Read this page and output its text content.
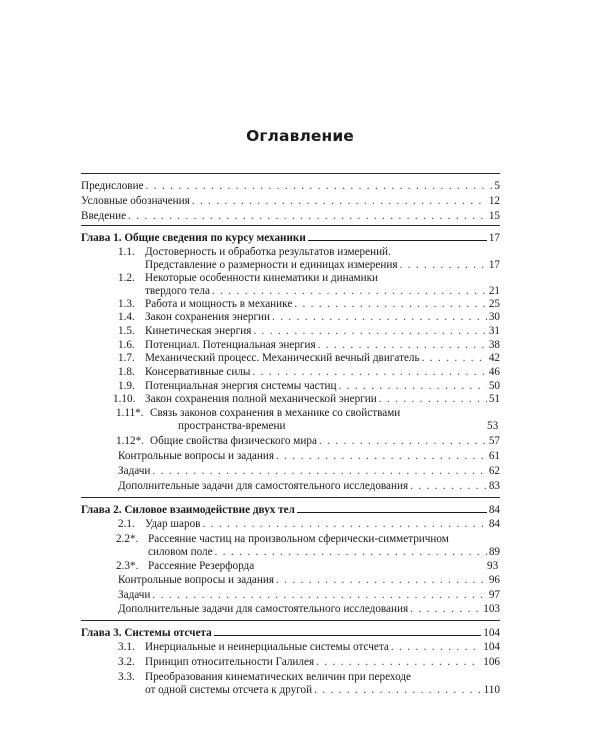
Оглавление
Предисловие . . .	5
Условные обозначения . . .	12
Введение . . .	15
Глава 1. Общие сведения по курсу механики	17
1.1. Достоверность и обработка результатов измерений.
Представление о размерности и единицах измерения . . .	17
1.2. Некоторые особенности кинематики и динамики
твердого тела . . .	21
1.3. Работа и мощность в механике . . .	25
1.4. Закон сохранения энергии . . .	30
1.5. Кинетическая энергия . . .	31
1.6. Потенциал. Потенциальная энергия . . .	38
1.7. Механический процесс. Механический вечный двигатель . . .	42
1.8. Консервативные силы . . .	46
1.9. Потенциальная энергия системы частиц . . .	50
1.10. Закон сохранения полной механической энергии . . .	51
1.11*. Связь законов сохранения в механике со свойствами
пространства-времени	53
1.12*. Общие свойства физического мира . . .	57
Контрольные вопросы и задания . . .	61
Задачи . . .	62
Дополнительные задачи для самостоятельного исследования . . .	83
Глава 2. Силовое взаимодействие двух тел	84
2.1. Удар шаров . . .	84
2.2*. Рассеяние частиц на произвольном сферически-симметричном
силовом поле . . .	89
2.3*. Рассеяние Резерфорда	93
Контрольные вопросы и задания . . .	96
Задачи . . .	97
Дополнительные задачи для самостоятельного исследования . . .	103
Глава 3. Системы отсчета	104
3.1. Инерциальные и неинерциальные системы отсчета . . .	104
3.2. Принцип относительности Галилея . . .	106
3.3. Преобразования кинематических величин при переходе
от одной системы отсчета к другой . . .	110
